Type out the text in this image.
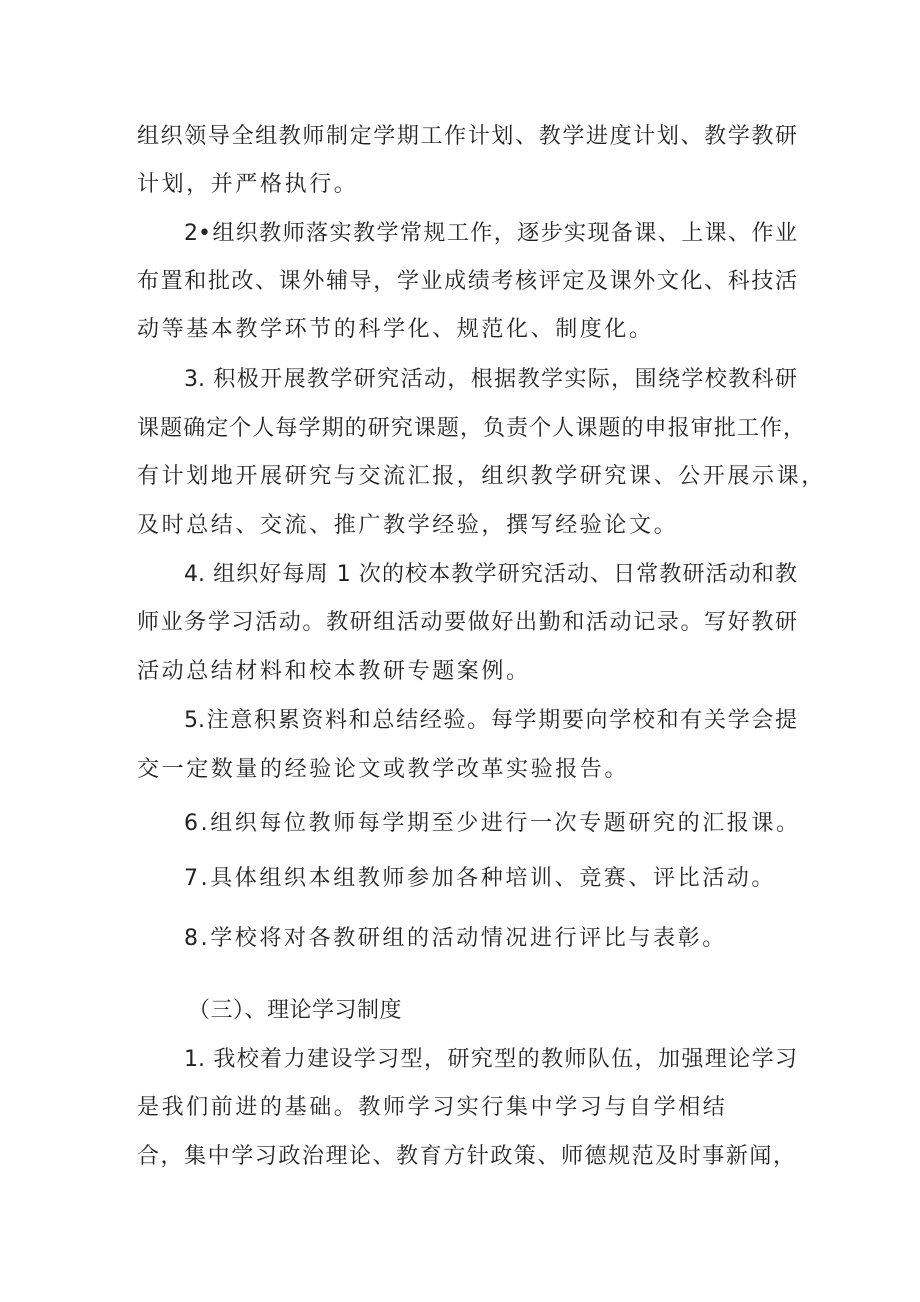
组织领导全组教师制定学期工作计划、教学进度计划、教学教研
计划，并严格执行。
2•组织教师落实教学常规工作，逐步实现备课、上课、作业
布置和批改、课外辅导，学业成绩考核评定及课外文化、科技活
动等基本教学环节的科学化、规范化、制度化。
3. 积极开展教学研究活动，根据教学实际，围绕学校教科研
课题确定个人每学期的研究课题，负责个人课题的申报审批工作，
有计划地开展研究与交流汇报，组织教学研究课、公开展示课，
及时总结、交流、推广教学经验，撰写经验论文。
4. 组织好每周 1 次的校本教学研究活动、日常教研活动和教
师业务学习活动。教研组活动要做好出勤和活动记录。写好教研
活动总结材料和校本教研专题案例。
5.注意积累资料和总结经验。每学期要向学校和有关学会提
交一定数量的经验论文或教学改革实验报告。
6.组织每位教师每学期至少进行一次专题研究的汇报课。
7.具体组织本组教师参加各种培训、竞赛、评比活动。
8.学校将对各教研组的活动情况进行评比与表彰。
（三）、理论学习制度
1. 我校着力建设学习型，研究型的教师队伍，加强理论学习
是我们前进的基础。教师学习实行集中学习与自学相结
合，集中学习政治理论、教育方针政策、师德规范及时事新闻，
